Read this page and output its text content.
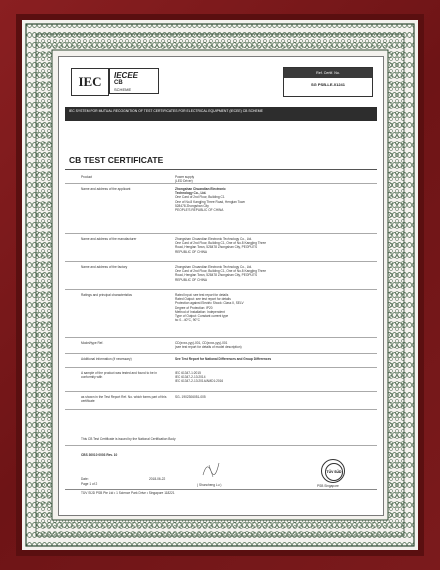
IEC IECEE
CB
SCHEME
Ref. Certif. No.
SG PSB-LE-01241
IEC SYSTEM FOR MUTUAL RECOGNITION OF TEST CERTIFICATES FOR ELECTRICAL EQUIPMENT (IECEE) CB SCHEME
CB TEST CERTIFICATE
Product	Power supply
(LED Driver)
Name and address of the applicant	Zhongshan Chuandian Electronic
Technology Co., Ltd.
One Card of 2nd Floor, Building C1
One of No.8 Kangjing Three Road, Henglan Town
528478 Zhongshan City
PEOPLE'S REPUBLIC OF CHINA
Name and address of the manufacturer	Zhongshan Chuandian Electronic Technology Co., Ltd.
One Card of 2nd Floor, Building C1, One of No.8 Kangjing Three
Road, Henglan Town, 528478 Zhongshan City, PEOPLE'S
REPUBLIC OF CHINA
Name and address of the factory	Zhongshan Chuandian Electronic Technology Co., Ltd.
One Card of 2nd Floor, Building C1, One of No.8 Kangjing Three
Road, Henglan Town, 528478 Zhongshan City, PEOPLE'S
REPUBLIC OF CHINA
Ratings and principal characteristics	Rated Input: see test report for details
Rated Output: see test report for details
Protection against Electric Shock: Class II, SELV
Degree of Protection: IP20
Method of Installation: Independent
Type of Output: Constant current type
ta: 0...40°C, 90°C
Model/type Ref.	CD(xxxx-yyy)-001, CD(xxxx-yyy)-001
(see test report for details of model description)
Additional information (if necessary)	See Test Report for National Differences and Group Differences
A sample of the product was tested and found to be in conformity with
IEC 61347-1:2015
IEC 61347-2-13:2014
IEC 61347-2-13:2014/AMD1:2016
as shown in the Test Report Ref. No. which forms part of this certificate
SG- 1902306051-005
This CB Test Certificate is issued by the National Certification Body
CBS 30010 0003 Rev. 10
Date:	2018-06-22
Page 1 of 2	( Shuncheng Lu )
TÜV SÜD PSB Pte Ltd • 1 Science Park Drive • Singapore 118221
TÜV SÜD
PSB Singapore
